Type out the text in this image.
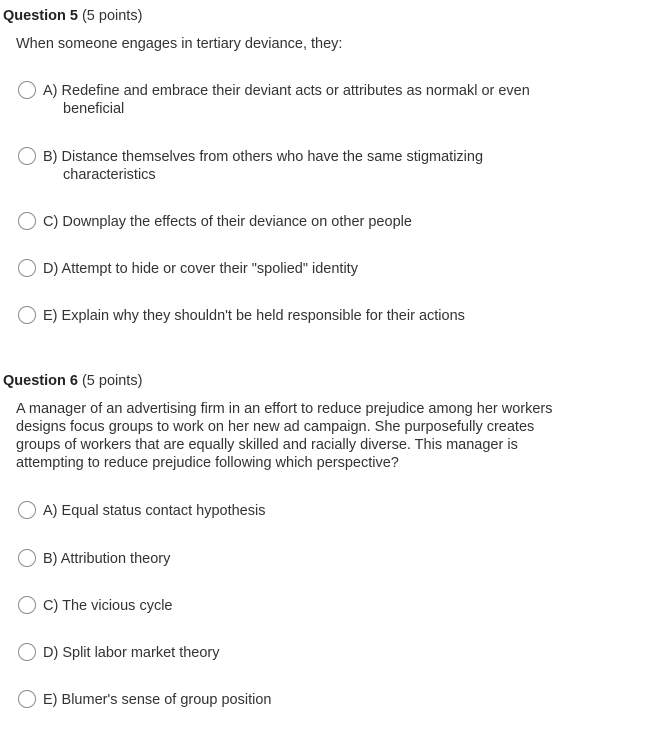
Question 5 (5 points)
When someone engages in tertiary deviance, they:
A) Redefine and embrace their deviant acts or attributes as normakl or even
beneficial
B) Distance themselves from others who have the same stigmatizing
characteristics
C) Downplay the effects of their deviance on other people
D) Attempt to hide or cover their "spolied" identity
E) Explain why they shouldn't be held responsible for their actions
Question 6 (5 points)
A manager of an advertising firm in an effort to reduce prejudice among her workers
designs focus groups to work on her new ad campaign. She purposefully creates
groups of workers that are equally skilled and racially diverse. This manager is
attempting to reduce prejudice following which perspective?
A) Equal status contact hypothesis
B) Attribution theory
C) The vicious cycle
D) Split labor market theory
E) Blumer's sense of group position
